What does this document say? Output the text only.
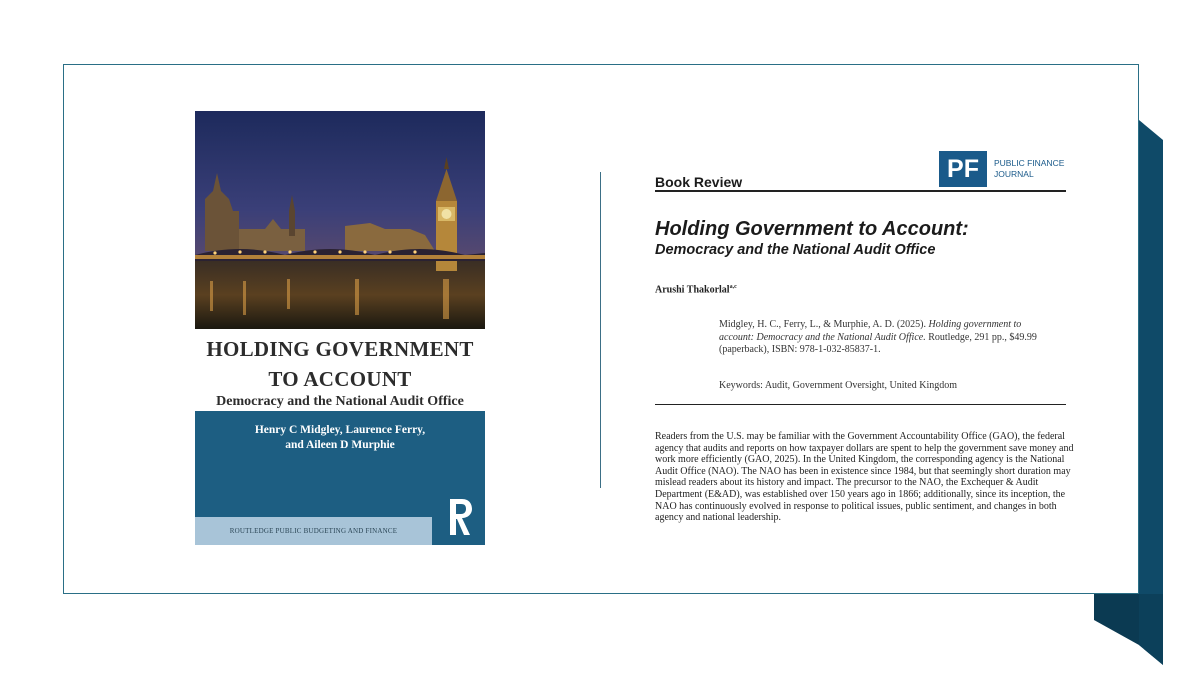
HOLDING GOVERNMENT
TO ACCOUNT
Democracy and the National Audit Office
Henry C Midgley, Laurence Ferry,
and Aileen D Murphie
ROUTLEDGE PUBLIC BUDGETING AND FINANCE
PF	PUBLIC FINANCE
JOURNAL
Book Review
Holding Government to Account:
Democracy and the National Audit Office
Arushi Thakorlal$^{a,c}$
Midgley, H. C., Ferry, L., & Murphie, A. D. (2025). Holding government to account: Democracy and the National Audit Office. Routledge, 291 pp., $49.99 (paperback), ISBN: 978-1-032-85837-1.
Keywords: Audit, Government Oversight, United Kingdom
Readers from the U.S. may be familiar with the Government Accountability Office (GAO), the federal agency that audits and reports on how taxpayer dollars are spent to help the government save money and work more efficiently (GAO, 2025). In the United Kingdom, the corresponding agency is the National Audit Office (NAO). The NAO has been in existence since 1984, but that seemingly short duration may mislead readers about its history and impact. The precursor to the NAO, the Exchequer & Audit Department (E&AD), was established over 150 years ago in 1866; additionally, since its inception, the NAO has continuously evolved in response to political issues, public sentiment, and changes in both agency and national leadership.
